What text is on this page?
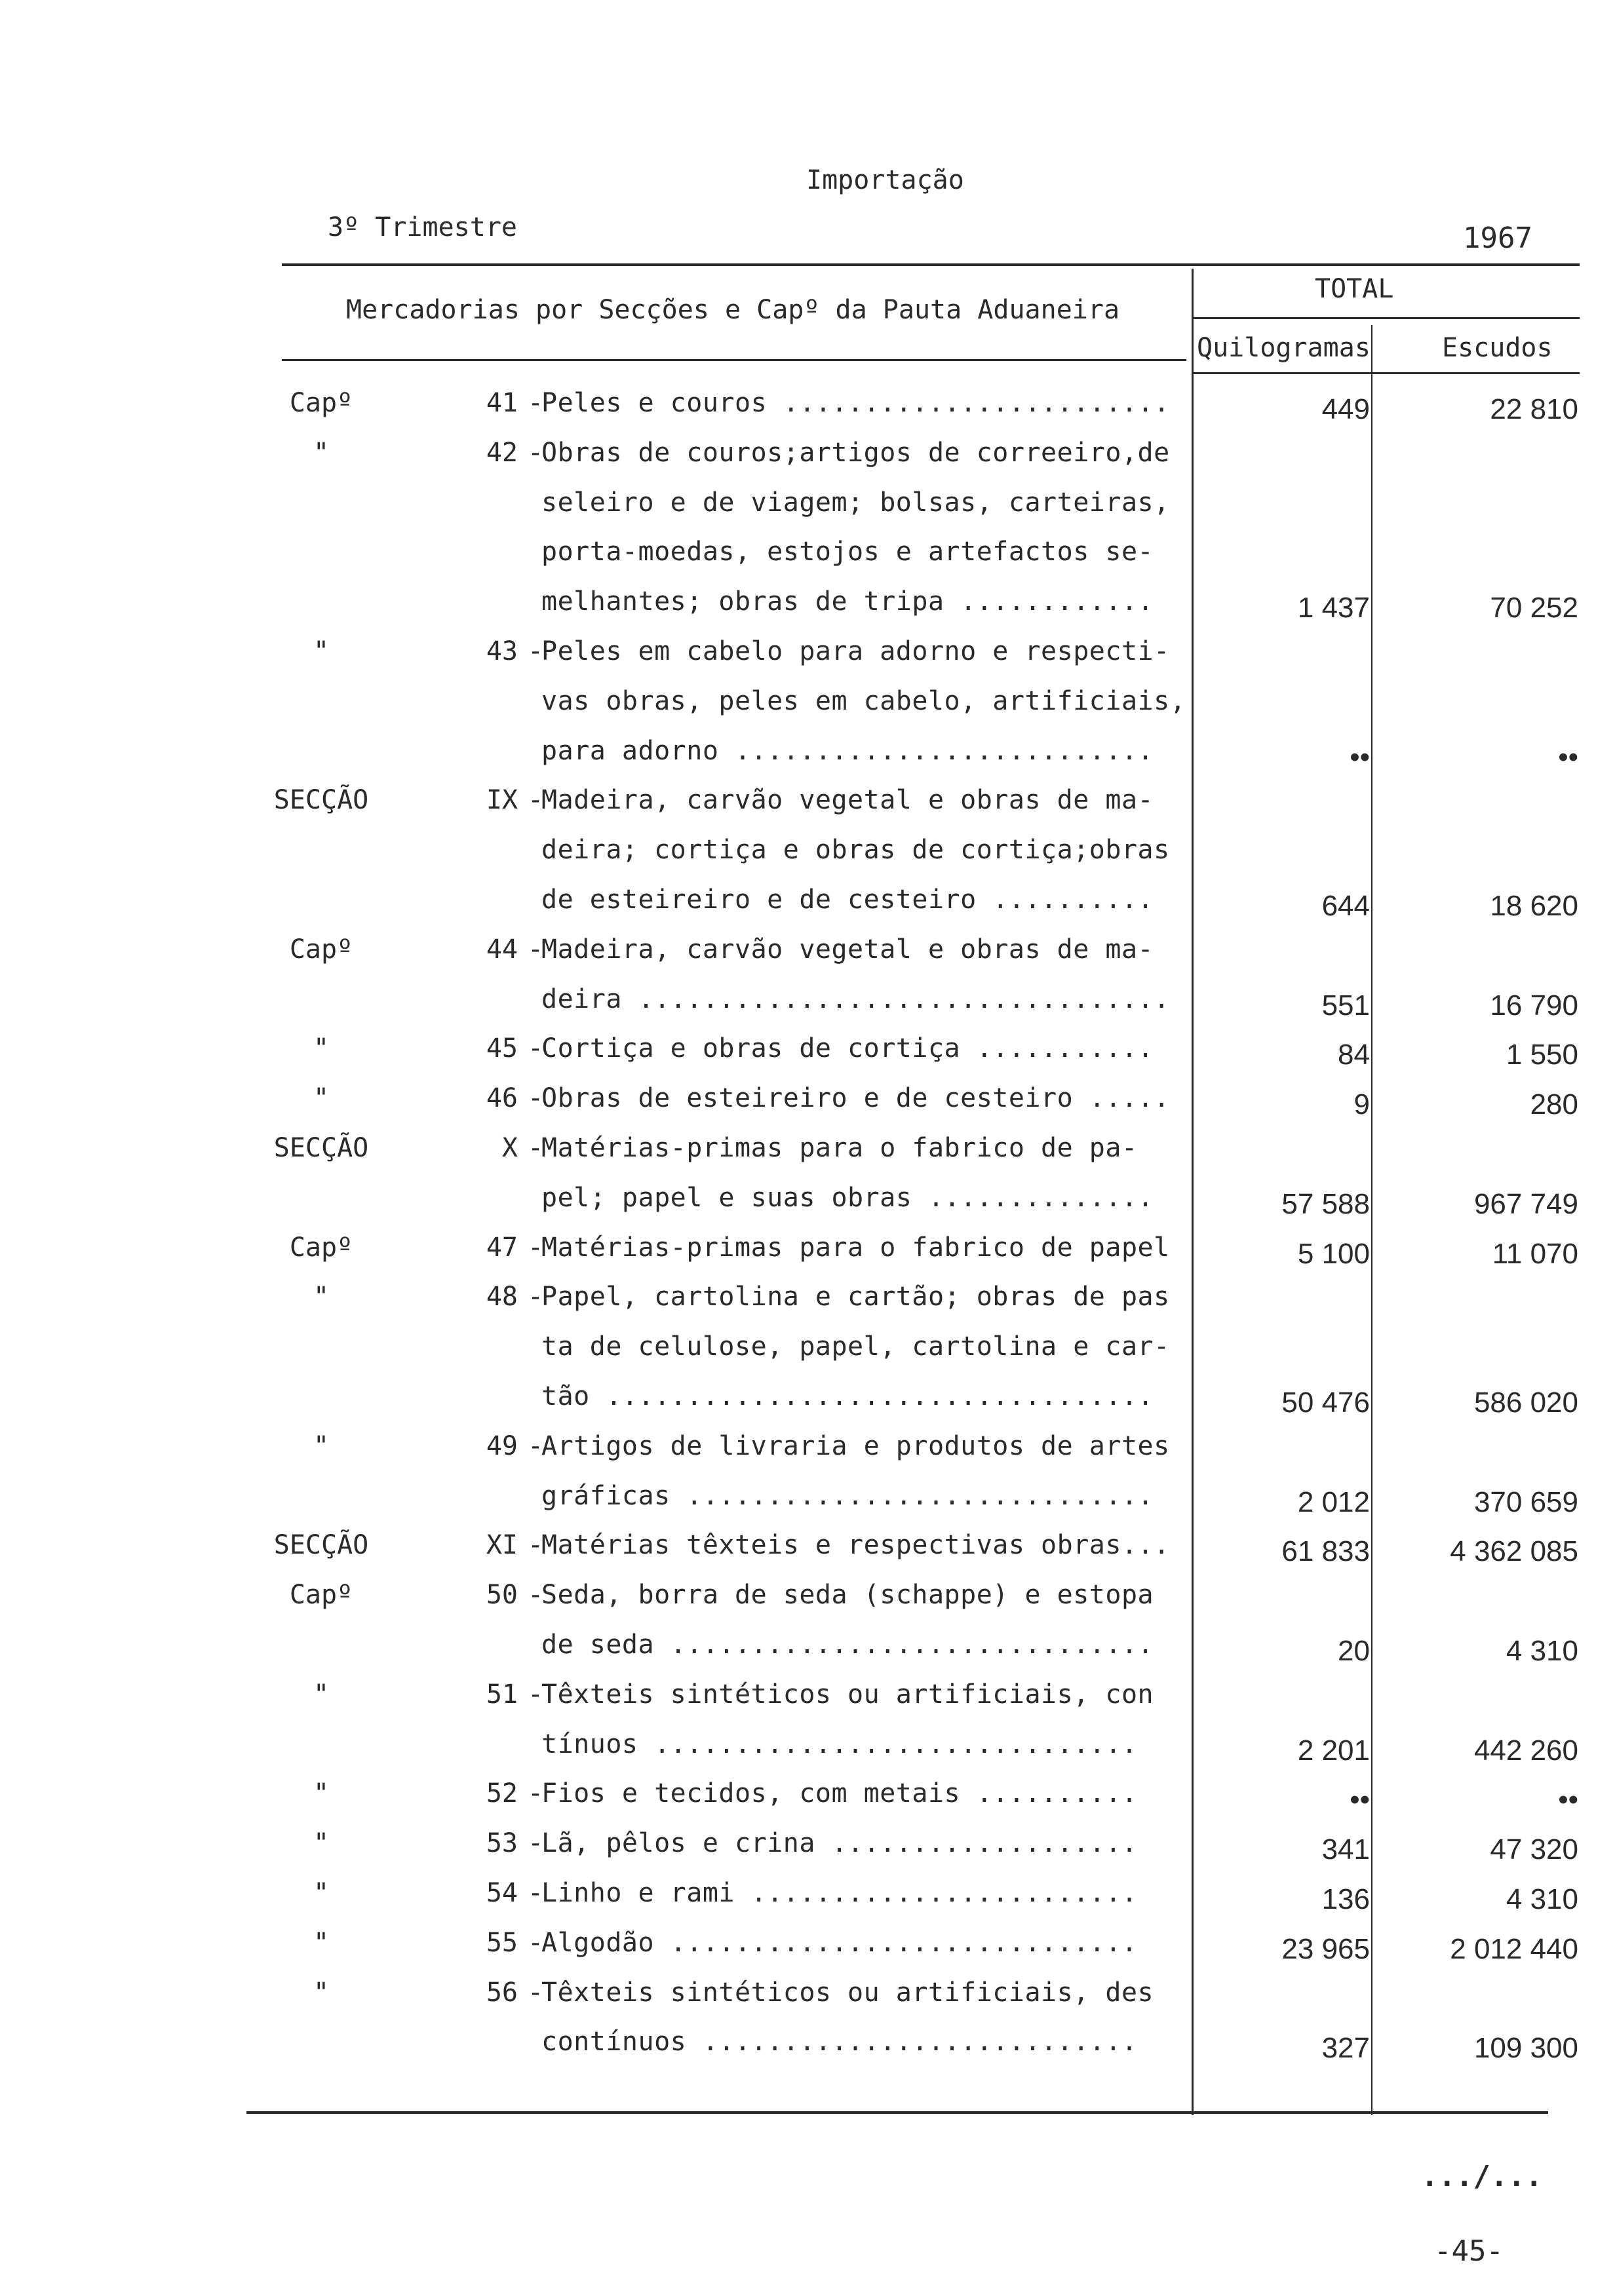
Importação
3º Trimestre	1967
Mercadorias por Secções e Capº da Pauta Aduaneira
TOTAL
Quilogramas	Escudos
Capº	41 Peles e couros ........................	449	22 810
-
"	42 Obras de couros;artigos de correeiro,de
-
seleiro e de viagem; bolsas, carteiras,
porta-moedas, estojos e artefactos se-
melhantes; obras de tripa ............	1 437	70 252
"	43 Peles em cabelo para adorno e respecti-
-
vas obras, peles em cabelo, artificiais,
para adorno ..........................	••	••
SECÇÃO	IX Madeira, carvão vegetal e obras de ma-
-
deira; cortiça e obras de cortiça;obras
de esteireiro e de cesteiro ..........	644	18 620
Capº	44 Madeira, carvão vegetal e obras de ma-
-
deira .................................	551	16 790
"	45 Cortiça e obras de cortiça ...........	84	1 550
-
"	46 Obras de esteireiro e de cesteiro .....	9	280
-
SECÇÃO	X Matérias-primas para o fabrico de pa-
-
pel; papel e suas obras ..............	57 588	967 749
Capº	47 Matérias-primas para o fabrico de papel	5 100	11 070
-
"	48 Papel, cartolina e cartão; obras de pas
-
ta de celulose, papel, cartolina e car-
tão ..................................	50 476	586 020
"	49 Artigos de livraria e produtos de artes
-
gráficas .............................	2 012	370 659
SECÇÃO	XI Matérias têxteis e respectivas obras...	61 833	4 362 085
-
Capº	50 Seda, borra de seda (schappe) e estopa
-
de seda ..............................	20	4 310
"	51 Têxteis sintéticos ou artificiais, con
-
tínuos ..............................	2 201	442 260
"	52 Fios e tecidos, com metais ..........	••	••
-
"	53 Lã, pêlos e crina ...................	341	47 320
-
"	54 Linho e rami ........................	136	4 310
-
"	55 Algodão .............................	23 965	2 012 440
-
"	56 Têxteis sintéticos ou artificiais, des
-
contínuos ...........................	327	109 300
.../...
-45-
